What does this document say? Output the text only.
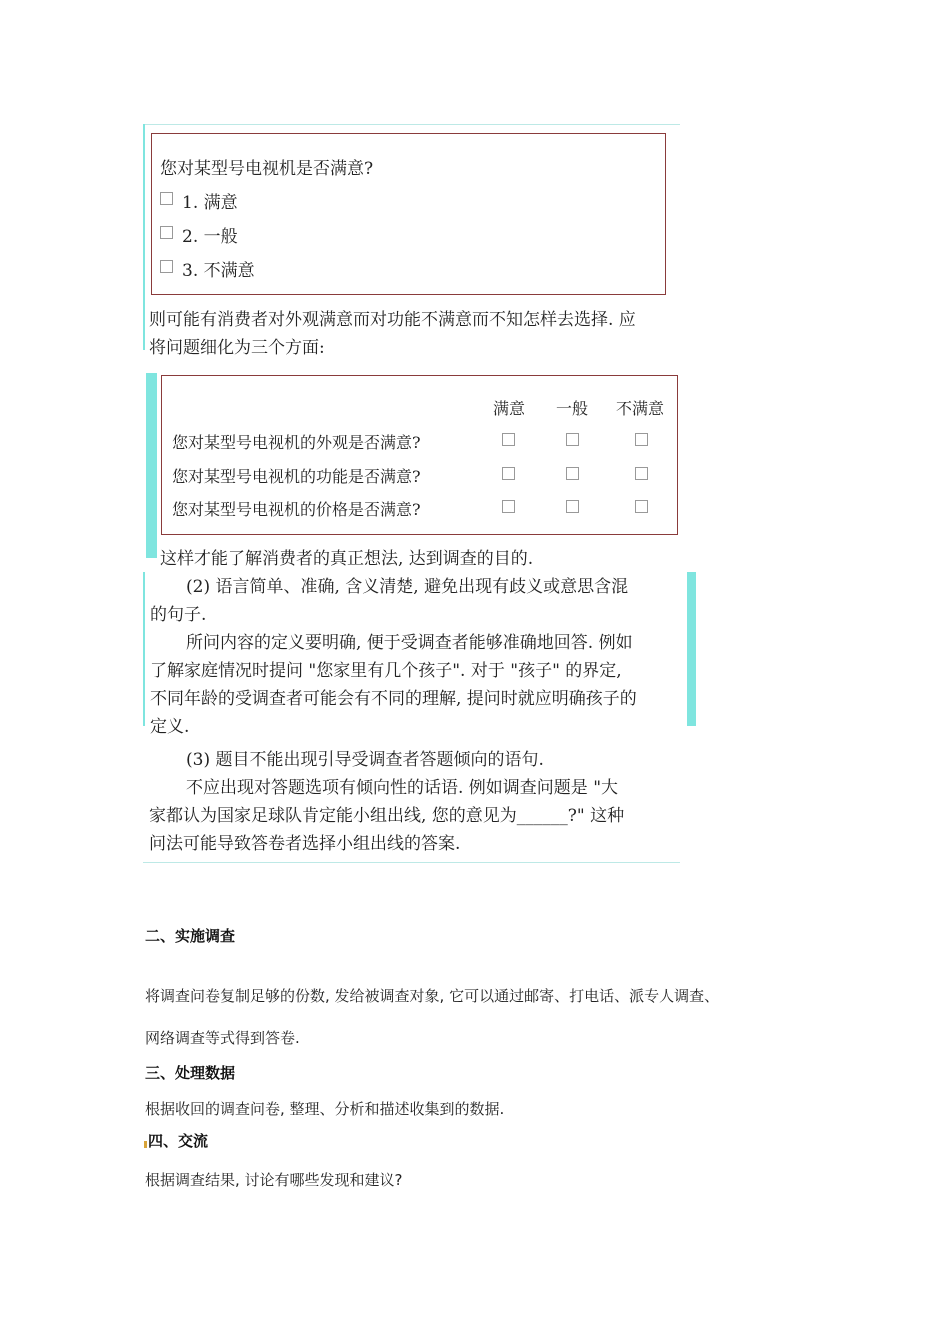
您对某型号电视机是否满意?
1. 满意
2. 一般
3. 不满意
则可能有消费者对外观满意而对功能不满意而不知怎样去选择. 应
将问题细化为三个方面:
满意 一般 不满意
您对某型号电视机的外观是否满意?
您对某型号电视机的功能是否满意?
您对某型号电视机的价格是否满意?
这样才能了解消费者的真正想法, 达到调查的目的.
(2) 语言简单、准确, 含义清楚, 避免出现有歧义或意思含混
的句子.
所问内容的定义要明确, 便于受调查者能够准确地回答. 例如
了解家庭情况时提问 "您家里有几个孩子". 对于 "孩子" 的界定,
不同年龄的受调查者可能会有不同的理解, 提问时就应明确孩子的
定义.
(3) 题目不能出现引导受调查者答题倾向的语句.
不应出现对答题选项有倾向性的话语. 例如调查问题是 "大
家都认为国家足球队肯定能小组出线, 您的意见为______?" 这种
问法可能导致答卷者选择小组出线的答案.
二、实施调查
将调查问卷复制足够的份数, 发给被调查对象, 它可以通过邮寄、打电话、派专人调查、
网络调查等式得到答卷.
三、处理数据
根据收回的调查问卷, 整理、分析和描述收集到的数据.
四、交流
根据调查结果, 讨论有哪些发现和建议?
